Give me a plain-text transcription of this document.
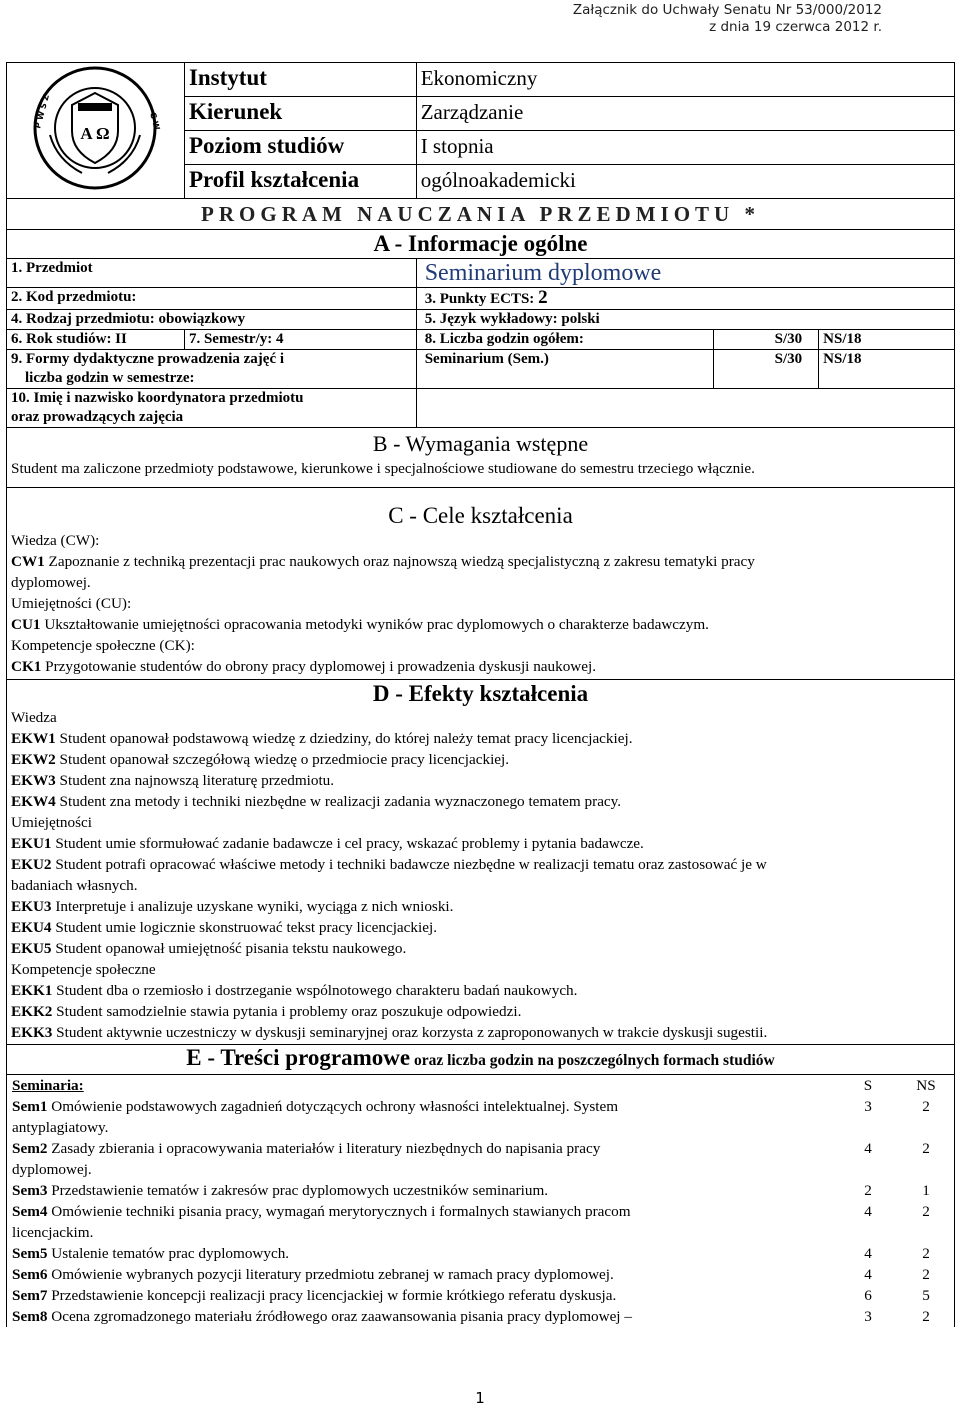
Załącznik do Uchwały Senatu Nr 53/000/2012
z dnia 19 czerwca 2012 r.
A Ω
P W S Z	G W
	Instytut	Ekonomiczny
Kierunek	Zarządzanie
Poziom studiów	I stopnia
Profil kształcenia	ogólnoakademicki
PROGRAM NAUCZANIA PRZEDMIOTU *
A - Informacje ogólne
1. Przedmiot	Seminarium dyplomowe
2. Kod przedmiotu:	3. Punkty ECTS: 2
4. Rodzaj przedmiotu: obowiązkowy	5. Język wykładowy: polski
6. Rok studiów: II	7. Semestr/y: 4	8. Liczba godzin ogółem:	S/30	NS/18

9. Formy dydaktyczne prowadzenia zajęć i
liczba godzin w semestrze:
	Seminarium (Sem.)	S/30	NS/18

10. Imię i nazwisko koordynatora przedmiotu
oraz prowadzących zajęcia

B - Wymagania wstępne
Student ma zaliczone przedmioty podstawowe, kierunkowe i specjalnościowe studiowane do semestru trzeciego włącznie.

C - Cele kształcenia
Wiedza (CW):
CW1 Zapoznanie z techniką prezentacji prac naukowych oraz najnowszą wiedzą specjalistyczną z zakresu tematyki pracy
dyplomowej.
Umiejętności (CU):
CU1 Ukształtowanie umiejętności opracowania metodyki wyników prac dyplomowych o charakterze badawczym.
Kompetencje społeczne (CK):
CK1 Przygotowanie studentów do obrony pracy dyplomowej i prowadzenia dyskusji naukowej.

D - Efekty kształcenia
Wiedza
EKW1 Student opanował podstawową wiedzę z dziedziny, do której należy temat pracy licencjackiej.
EKW2 Student opanował szczegółową wiedzę o przedmiocie pracy licencjackiej.
EKW3 Student zna najnowszą literaturę przedmiotu.
EKW4 Student zna metody i techniki niezbędne w realizacji zadania wyznaczonego tematem pracy.
Umiejętności
EKU1 Student umie sformułować zadanie badawcze i cel pracy, wskazać problemy i pytania badawcze.
EKU2 Student potrafi opracować właściwe metody i techniki badawcze niezbędne w realizacji tematu oraz zastosować je w
badaniach własnych.
EKU3 Interpretuje i analizuje uzyskane wyniki, wyciąga z nich wnioski.
EKU4 Student umie logicznie skonstruować tekst pracy licencjackiej.
EKU5 Student opanował umiejętność pisania tekstu naukowego.
Kompetencje społeczne
EKK1 Student dba o rzemiosło i dostrzeganie wspólnotowego charakteru badań naukowych.
EKK2 Student samodzielnie stawia pytania i problemy oraz poszukuje odpowiedzi.
EKK3 Student aktywnie uczestniczy w dyskusji seminaryjnej oraz korzysta z zaproponowanych w trakcie dyskusji sugestii.

E - Treści programowe oraz liczba godzin na poszczególnych formach studiów

Seminaria:	S	NS
Sem1 Omówienie podstawowych zagadnień dotyczących ochrony własności intelektualnej. System
antyplagiatowy.	3	2
Sem2 Zasady zbierania i opracowywania materiałów i literatury niezbędnych do napisania pracy
dyplomowej.	4	2
Sem3 Przedstawienie tematów i zakresów prac dyplomowych uczestników seminarium.	2	1
Sem4 Omówienie techniki pisania pracy, wymagań merytorycznych i formalnych stawianych pracom
licencjackim.	4	2
Sem5 Ustalenie tematów prac dyplomowych.	4	2
Sem6 Omówienie wybranych pozycji literatury przedmiotu zebranej w ramach pracy dyplomowej.	4	2
Sem7 Przedstawienie koncepcji realizacji pracy licencjackiej w formie krótkiego referatu dyskusja.	6	5
Sem8 Ocena zgromadzonego materiału źródłowego oraz zaawansowania pisania pracy dyplomowej –	3	2
1
